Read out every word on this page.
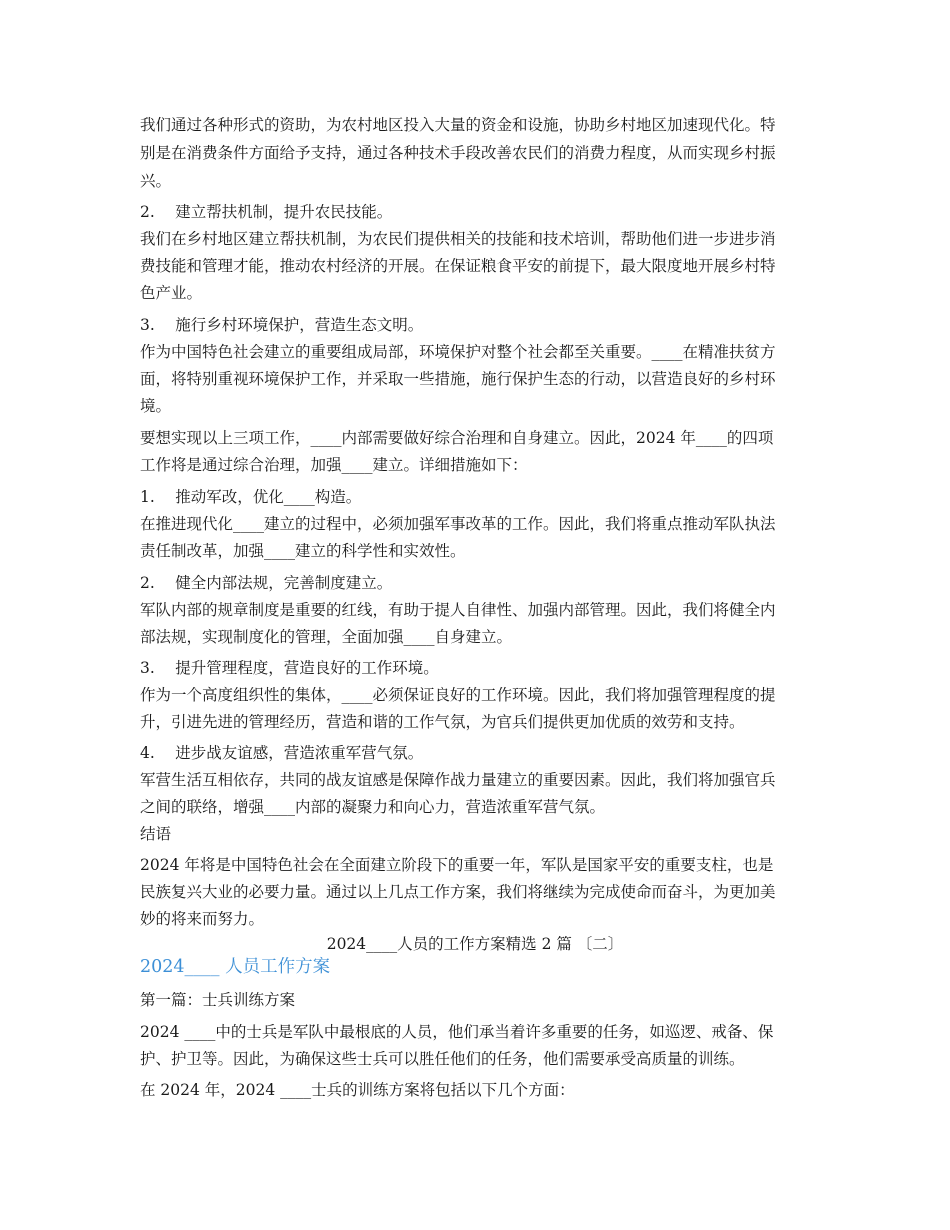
我们通过各种形式的资助，为农村地区投入大量的资金和设施，协助乡村地区加速现代化。特
别是在消费条件方面给予支持，通过各种技术手段改善农民们的消费力程度，从而实现乡村振
兴。
2.　 建立帮扶机制，提升农民技能。
我们在乡村地区建立帮扶机制，为农民们提供相关的技能和技术培训，帮助他们进一步进步消
费技能和管理才能，推动农村经济的开展。在保证粮食平安的前提下，最大限度地开展乡村特
色产业。
3.　 施行乡村环境保护，营造生态文明。
作为中国特色社会建立的重要组成局部，环境保护对整个社会都至关重要。____在精准扶贫方
面，将特别重视环境保护工作，并采取一些措施，施行保护生态的行动，以营造良好的乡村环
境。
要想实现以上三项工作，____内部需要做好综合治理和自身建立。因此，2024 年____的四项
工作将是通过综合治理，加强____建立。详细措施如下：
1.　 推动军改，优化____构造。
在推进现代化____建立的过程中，必须加强军事改革的工作。因此，我们将重点推动军队执法
责任制改革，加强____建立的科学性和实效性。
2.　 健全内部法规，完善制度建立。
军队内部的规章制度是重要的红线，有助于提人自律性、加强内部管理。因此，我们将健全内
部法规，实现制度化的管理，全面加强____自身建立。
3.　 提升管理程度，营造良好的工作环境。
作为一个高度组织性的集体，____必须保证良好的工作环境。因此，我们将加强管理程度的提
升，引进先进的管理经历，营造和谐的工作气氛，为官兵们提供更加优质的效劳和支持。
4.　 进步战友谊感，营造浓重军营气氛。
军营生活互相依存，共同的战友谊感是保障作战力量建立的重要因素。因此，我们将加强官兵
之间的联络，增强____内部的凝聚力和向心力，营造浓重军营气氛。
结语
2024 年将是中国特色社会在全面建立阶段下的重要一年，军队是国家平安的重要支柱，也是
民族复兴大业的必要力量。通过以上几点工作方案，我们将继续为完成使命而奋斗，为更加美
妙的将来而努力。
2024____人员的工作方案精选 2 篇 〔二〕
2024____ 人员工作方案
第一篇：士兵训练方案
2024 ____中的士兵是军队中最根底的人员，他们承当着许多重要的任务，如巡逻、戒备、保
护、护卫等。因此，为确保这些士兵可以胜任他们的任务，他们需要承受高质量的训练。
在 2024 年，2024 ____士兵的训练方案将包括以下几个方面：
